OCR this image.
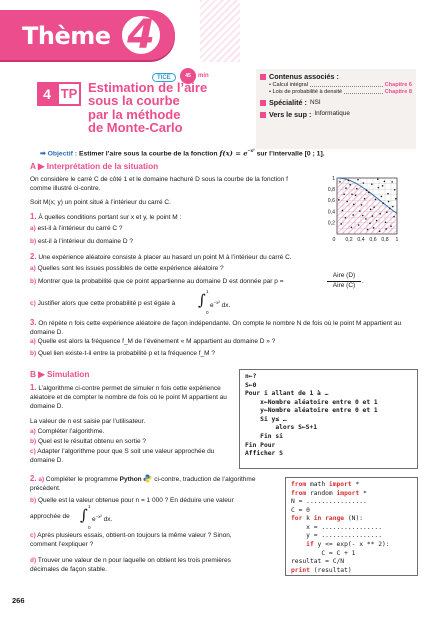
Thème 4
4 TP
TICE	45	min
Estimation de l’aire
sous la courbe
par la méthode
de Monte-Carlo
Contenus associés :
• Calcul intégral	Chapitre 6
• Lois de probabilité à densité	Chapitre 8
Spécialité : NSI
Vers le sup : Informatique
➡ Objectif : Estimer l’aire sous la courbe de la fonction $f(x) = e^{-x^2}$ sur l’intervalle [0 ; 1].
A ▶ Interprétation de la situation
On considère le carré C de côté 1 et le domaine hachuré D sous la courbe de la fonction f comme illustré ci-contre.
Soit M(x; y) un point situé à l’intérieur du carré C.
1. À quelles conditions portant sur x et y, le point M :
a) est-il à l’intérieur du carré C ?
b) est-il à l’intérieur du domaine D ?	0 0,2 0,4 0,6 0,8 1
0,2
0,4
0,6
0,8
1
2. Une expérience aléatoire consiste à placer au hasard un point M à l’intérieur du carré C.
a) Quelles sont les issues possibles de cette expérience aléatoire ?
b) Montrer que la probabilité que ce point appartienne au domaine D est donnée par p =
Aire (D)
Aire (C)
.
c) Justifier alors que cette probabilité p est égale à
1
∫
0
$e^{-x^2}$ dx.
3. On répète n fois cette expérience aléatoire de façon indépendante. On compte le nombre N de fois où le point M appartient au domaine D.
a) Quelle est alors la fréquence f_M de l’événement « M appartient au domaine D » ?
b) Quel lien existe-t-il entre la probabilité p et la fréquence f_M ?
B ▶ Simulation
1. L’algorithme ci-contre permet de simuler n fois cette expérience aléatoire et de compter le nombre de fois où le point M appartient au domaine D.
La valeur de n est saisie par l’utilisateur.
a) Compléter l’algorithme.
b) Quel est le résultat obtenu en sortie ?
c) Adapter l’algorithme pour que S soit une valeur approchée du domaine D.
n←?
S←0
Pour i allant de 1 à …
x←Nombre aléatoire entre 0 et 1
y←Nombre aléatoire entre 0 et 1
Si y≤ …
alors S←S+1
Fin si
Fin Pour
Afficher S
2. a) Compléter le programme Python ci-contre, traduction de l’algorithme précédent.
b) Quelle est la valeur obtenue pour n = 1 000 ? En déduire une valeur
approchée de
1
∫
0
$e^{-x^2}$ dx.
c) Après plusieurs essais, obtient-on toujours la même valeur ? Sinon, comment l’expliquer ?
d) Trouver une valeur de n pour laquelle on obtient les trois premières décimales de façon stable.
from math import *
from random import *
N = ................
C = 0
for k in range (N):
x = ................
y = ................
if y <= exp(- x ** 2):
C = C + 1
resultat = C/N
print (resultat)
266
